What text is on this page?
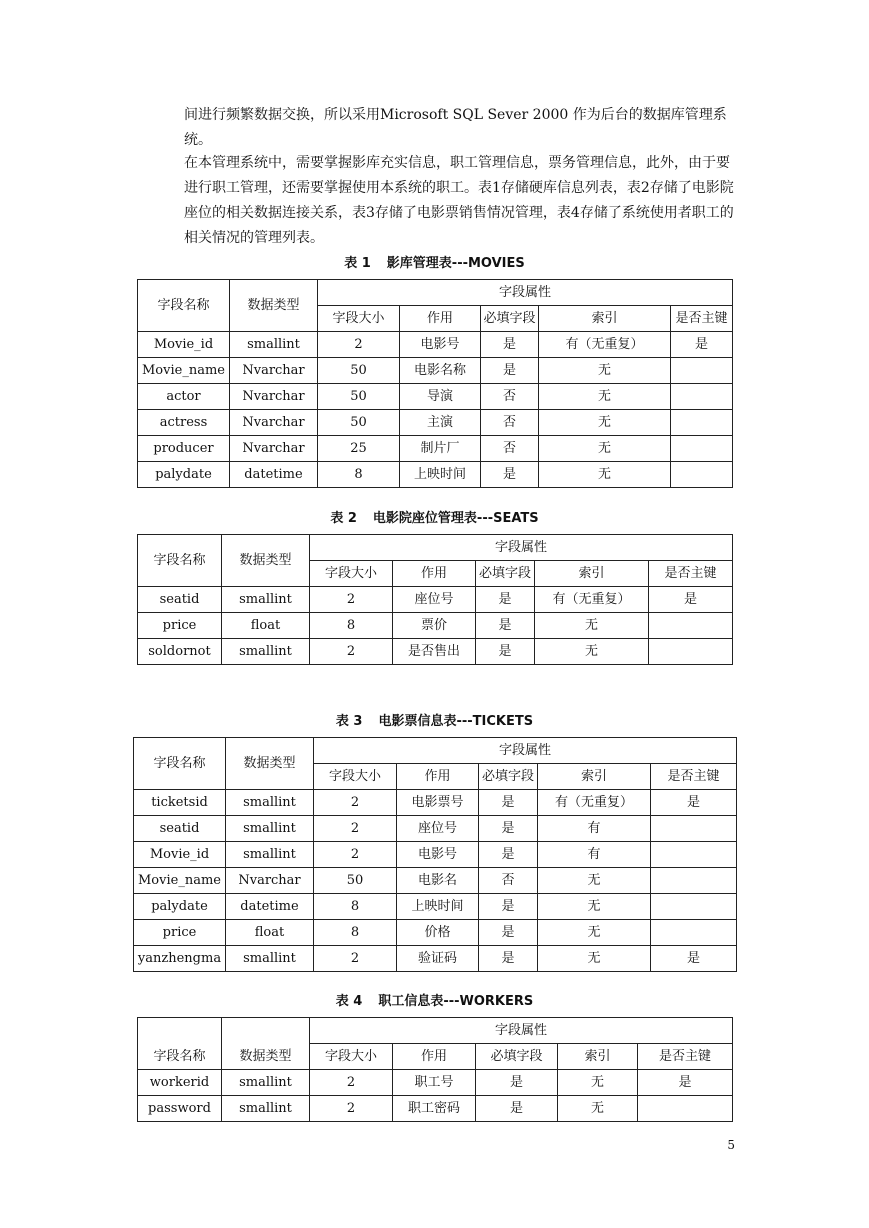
间进行频繁数据交换，所以采用Microsoft SQL Sever 2000 作为后台的数据库管理系统。

在本管理系统中，需要掌握影库充实信息，职工管理信息，票务管理信息，此外，由于要进行职工管理，还需要掌握使用本系统的职工。表1存储硬库信息列表，表2存储了电影院座位的相关数据连接关系，表3存储了电影票销售情况管理，表4存储了系统使用者职工的相关情况的管理列表。

表 1 影库管理表---MOVIES
字段名称	数据类型	字段属性				
		字段大小	作用	必填字段	索引	是否主键

Movie_id	smallint	2	电影号	是	有（无重复）	是
Movie_name	Nvarchar	50	电影名称	是	无	
actor	Nvarchar	50	导演	否	无	
actress	Nvarchar	50	主演	否	无	
producer	Nvarchar	25	制片厂	否	无	
palydate	datetime	8	上映时间	是	无	
表 2 电影院座位管理表---SEATS
字段名称	数据类型	字段属性				
		字段大小	作用	必填字段	索引	是否主键

seatid	smallint	2	座位号	是	有（无重复）	是
price	float	8	票价	是	无	
soldornot	smallint	2	是否售出	是	无	
表 3 电影票信息表---TICKETS
字段名称	数据类型	字段属性				
		字段大小	作用	必填字段	索引	是否主键

ticketsid	smallint	2	电影票号	是	有（无重复）	是
seatid	smallint	2	座位号	是	有	
Movie_id	smallint	2	电影号	是	有	
Movie_name	Nvarchar	50	电影名	否	无	
palydate	datetime	8	上映时间	是	无	
price	float	8	价格	是	无	
yanzhengma	smallint	2	验证码	是	无	是
表 4 职工信息表---WORKERS
字段名称	数据类型	字段属性				
		字段大小	作用	必填字段	索引	是否主键
workerid	smallint	2	职工号	是	无	是
password	smallint	2	职工密码	是	无	
5
